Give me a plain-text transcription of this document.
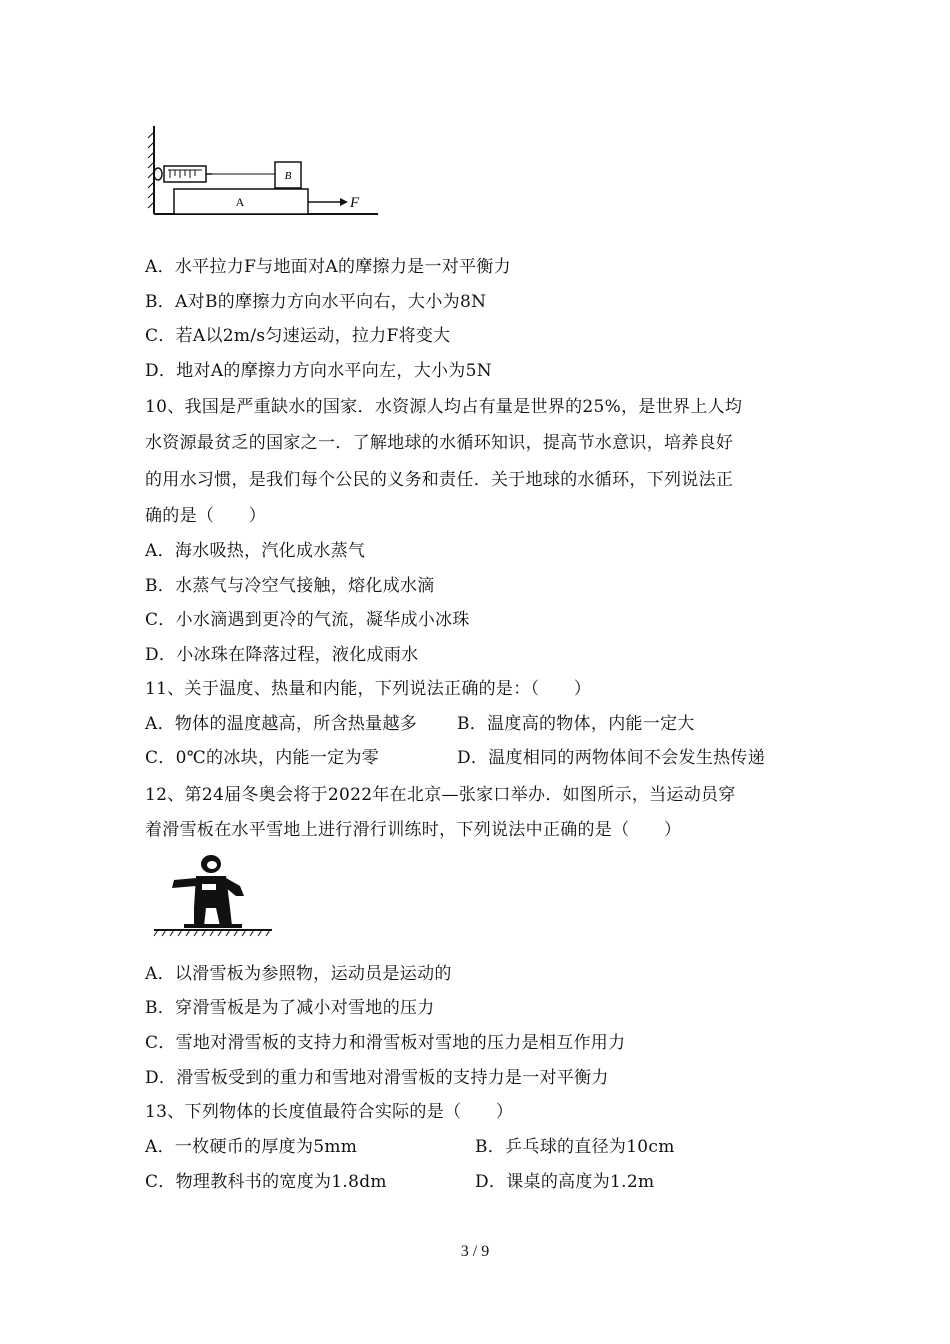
B
A	F
A．水平拉力F与地面对A的摩擦力是一对平衡力
B．A对B的摩擦力方向水平向右，大小为8N
C．若A以2m/s匀速运动，拉力F将变大
D．地对A的摩擦力方向水平向左，大小为5N
10、我国是严重缺水的国家．水资源人均占有量是世界的25%，是世界上人均
水资源最贫乏的国家之一．了解地球的水循环知识，提高节水意识，培养良好
的用水习惯，是我们每个公民的义务和责任．关于地球的水循环，下列说法正
确的是（　　）
A．海水吸热，汽化成水蒸气
B．水蒸气与冷空气接触，熔化成水滴
C．小水滴遇到更冷的气流，凝华成小冰珠
D．小冰珠在降落过程，液化成雨水
11、关于温度、热量和内能，下列说法正确的是：（　　）
A．物体的温度越高，所含热量越多 B．温度高的物体，内能一定大
C．0℃的冰块，内能一定为零	D．温度相同的两物体间不会发生热传递
12、第24届冬奥会将于2022年在北京—张家口举办．如图所示，当运动员穿
着滑雪板在水平雪地上进行滑行训练时，下列说法中正确的是（　　）
A．以滑雪板为参照物，运动员是运动的
B．穿滑雪板是为了减小对雪地的压力
C．雪地对滑雪板的支持力和滑雪板对雪地的压力是相互作用力
D．滑雪板受到的重力和雪地对滑雪板的支持力是一对平衡力
13、下列物体的长度值最符合实际的是（　　）
A．一枚硬币的厚度为5mm	B．乒乓球的直径为10cm
C．物理教科书的宽度为1.8dm	D．课桌的高度为1.2m
3 / 9
